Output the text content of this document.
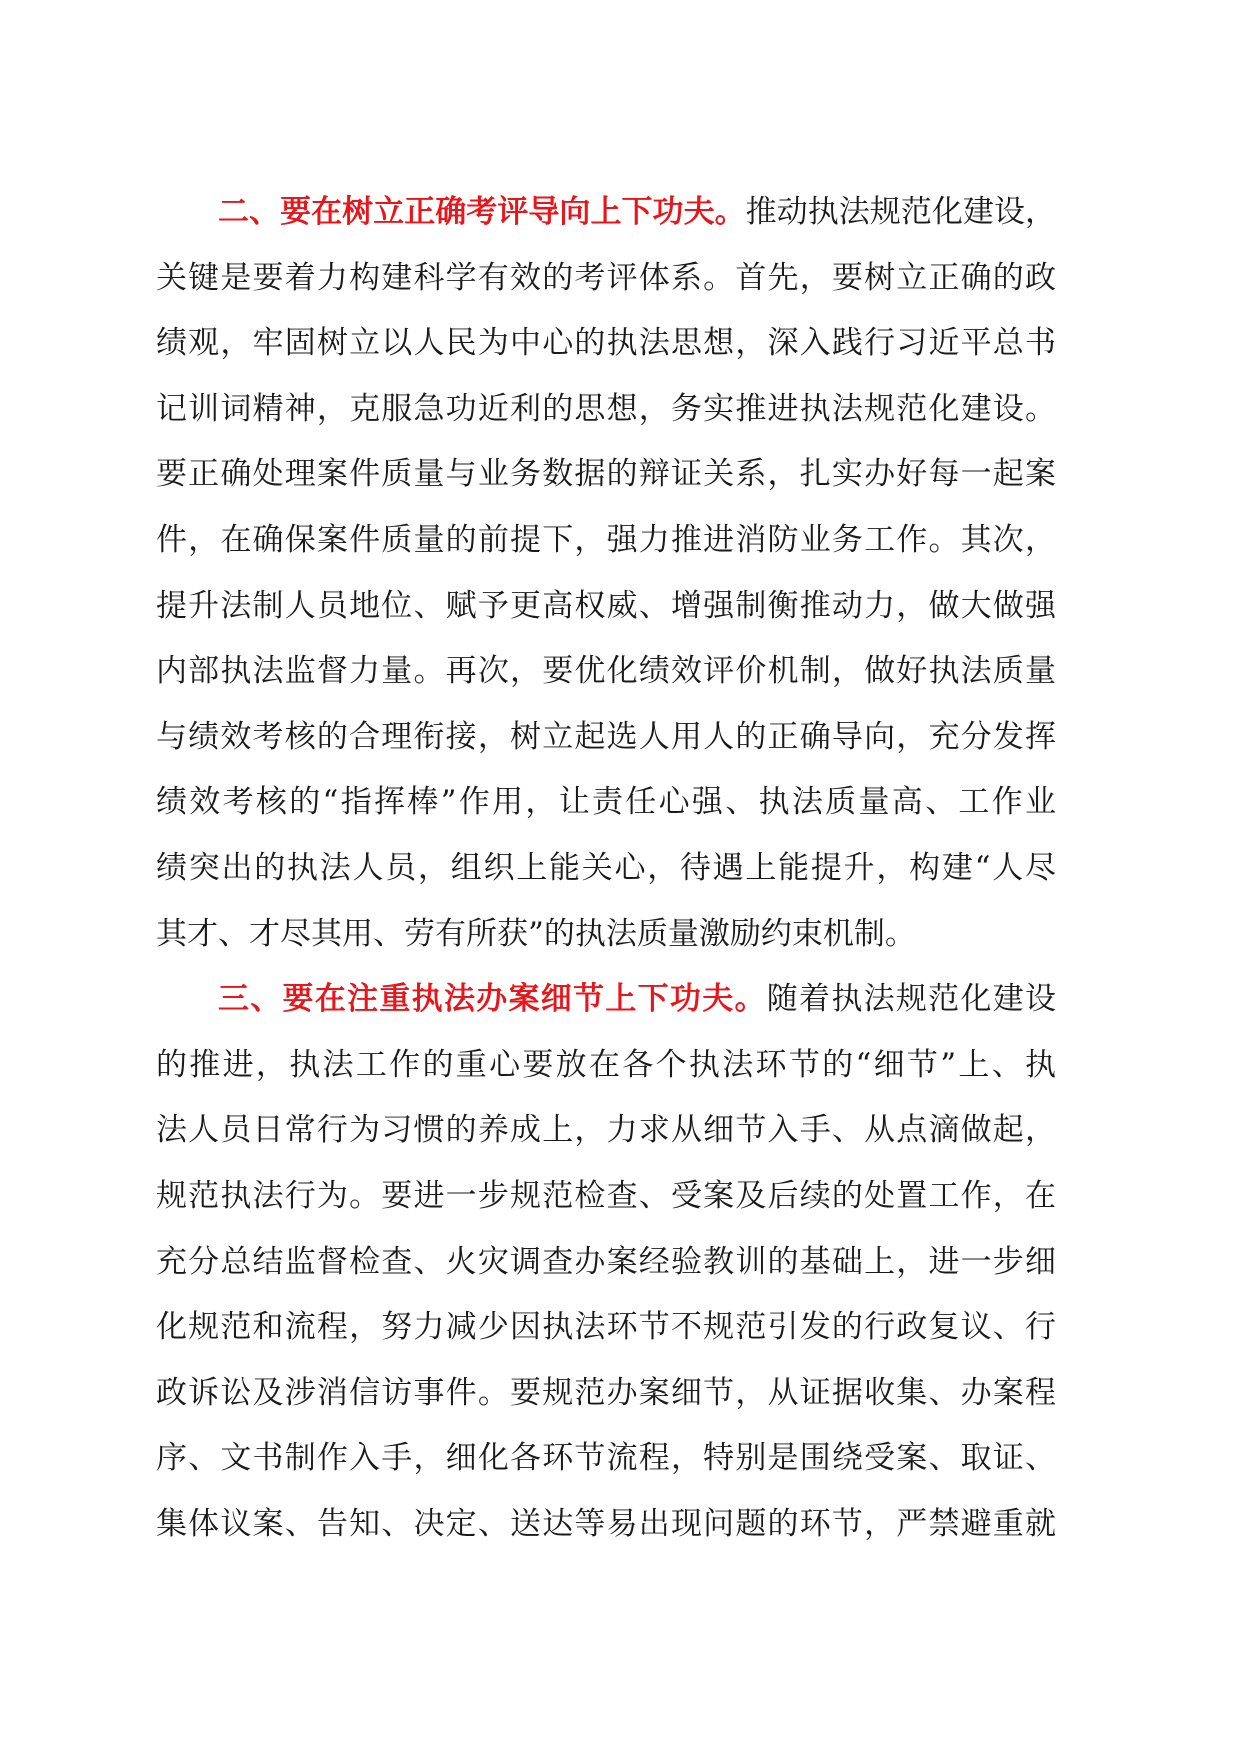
二、要在树立正确考评导向上下功夫。推动执法规范化建设，
关键是要着力构建科学有效的考评体系。首先，要树立正确的政
绩观，牢固树立以人民为中心的执法思想，深入践行习近平总书
记训词精神，克服急功近利的思想，务实推进执法规范化建设。
要正确处理案件质量与业务数据的辩证关系，扎实办好每一起案
件，在确保案件质量的前提下，强力推进消防业务工作。其次，
提升法制人员地位、赋予更高权威、增强制衡推动力，做大做强
内部执法监督力量。再次，要优化绩效评价机制，做好执法质量
与绩效考核的合理衔接，树立起选人用人的正确导向，充分发挥
绩效考核的“指挥棒”作用，让责任心强、执法质量高、工作业
绩突出的执法人员，组织上能关心，待遇上能提升，构建“人尽
其才、才尽其用、劳有所获”的执法质量激励约束机制。
三、要在注重执法办案细节上下功夫。随着执法规范化建设
的推进，执法工作的重心要放在各个执法环节的“细节”上、执
法人员日常行为习惯的养成上，力求从细节入手、从点滴做起，
规范执法行为。要进一步规范检查、受案及后续的处置工作，在
充分总结监督检查、火灾调查办案经验教训的基础上，进一步细
化规范和流程，努力减少因执法环节不规范引发的行政复议、行
政诉讼及涉消信访事件。要规范办案细节，从证据收集、办案程
序、文书制作入手，细化各环节流程，特别是围绕受案、取证、
集体议案、告知、决定、送达等易出现问题的环节，严禁避重就
